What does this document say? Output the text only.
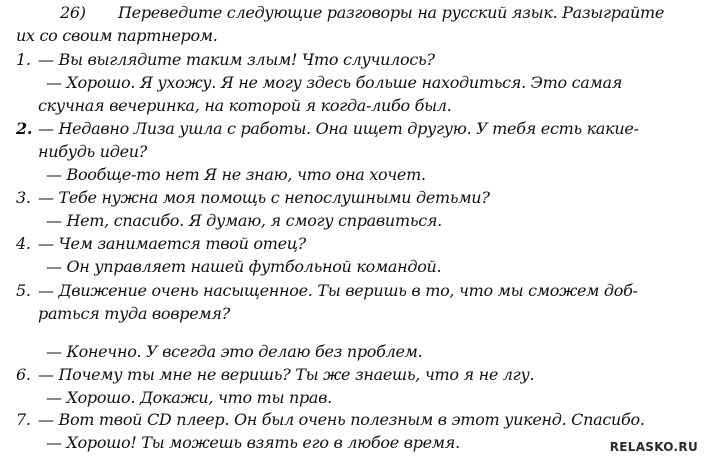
26) Переведите следующие разговоры на русский язык. Разыграйте
их со своим партнером.
1. — Вы выглядите таким злым! Что случилось?
— Хорошо. Я ухожу. Я не могу здесь больше находиться. Это самая
скучная вечеринка, на которой я когда-либо был.
2. — Недавно Лиза ушла с работы. Она ищет другую. У тебя есть какие-
нибудь идеи?
— Вообще-то нет Я не знаю, что она хочет.
3. — Тебе нужна моя помощь с непослушными детьми?
— Нет, спасибо. Я думаю, я смогу справиться.
4. — Чем занимается твой отец?
— Он управляет нашей футбольной командой.
5. — Движение очень насыщенное. Ты веришь в то, что мы сможем доб-
раться туда вовремя?
— Конечно. У всегда это делаю без проблем.
6. — Почему ты мне не веришь? Ты же знаешь, что я не лгу.
— Хорошо. Докажи, что ты прав.
7. — Вот твой CD плеер. Он был очень полезным в этот уикенд. Спасибо.
— Хорошо! Ты можешь взять его в любое время.	RELASKO.RU
